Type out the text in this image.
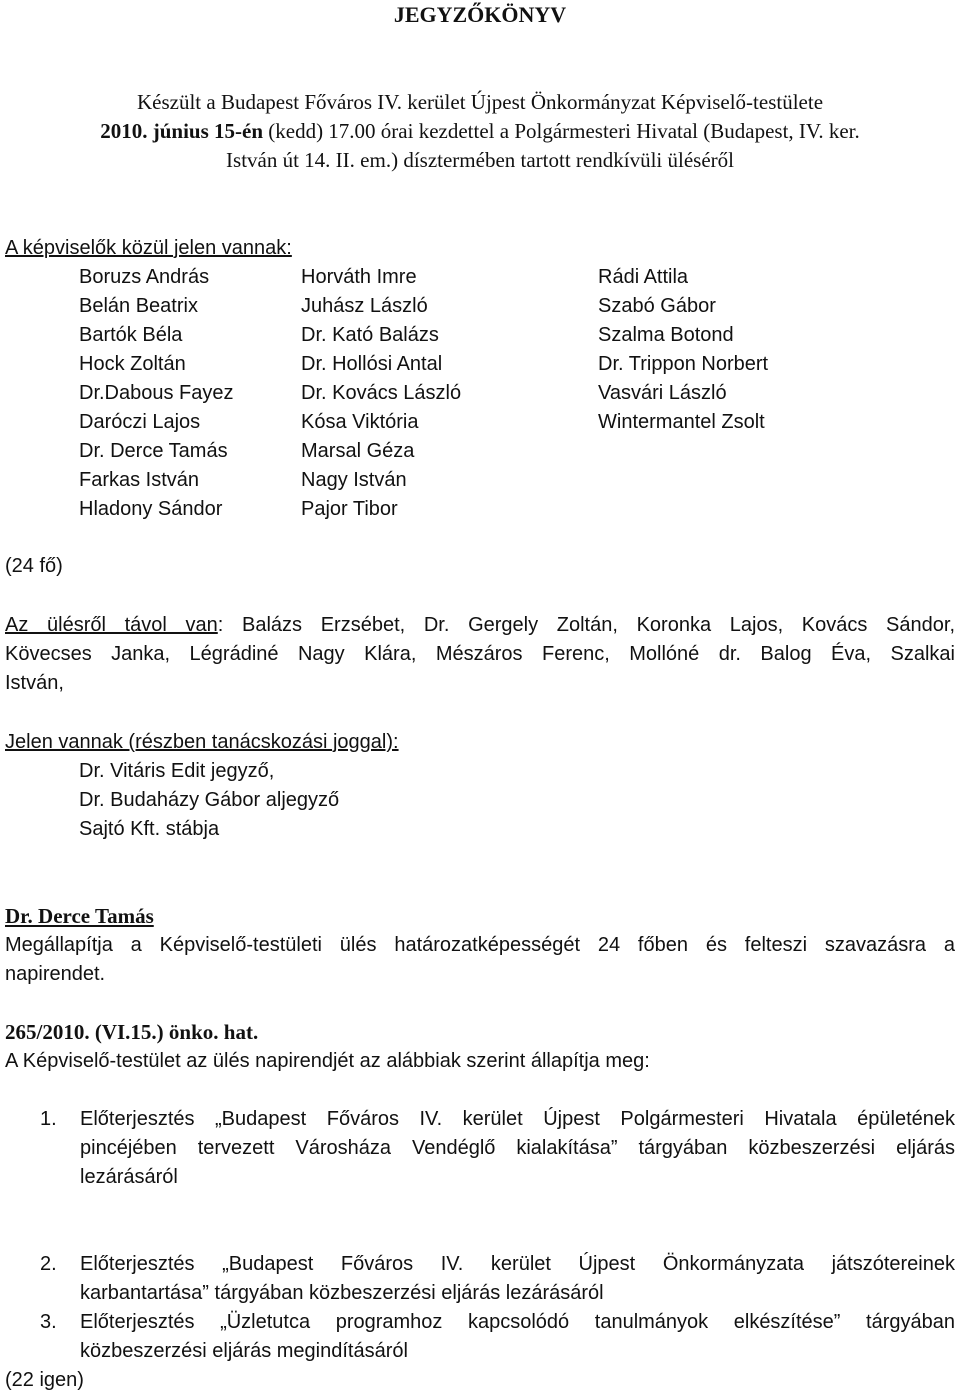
JEGYZŐKÖNYV
Készült a Budapest Főváros IV. kerület Újpest Önkormányzat Képviselő-testülete
2010. június 15-én (kedd) 17.00 órai kezdettel a Polgármesteri Hivatal (Budapest, IV. ker.
István út 14. II. em.) dísztermében tartott rendkívüli üléséről
A képviselők közül jelen vannak:
Boruzs András
Belán Beatrix
Bartók Béla
Hock Zoltán
Dr.Dabous Fayez
Daróczi Lajos
Dr. Derce Tamás
Farkas István
Hladony Sándor
Horváth Imre
Juhász László
Dr. Kató Balázs
Dr. Hollósi Antal
Dr. Kovács László
Kósa Viktória
Marsal Géza
Nagy István
Pajor Tibor
Rádi Attila
Szabó Gábor
Szalma Botond
Dr. Trippon Norbert
Vasvári László
Wintermantel Zsolt
(24 fő)
Az ülésről távol van: Balázs Erzsébet, Dr. Gergely Zoltán, Koronka Lajos, Kovács Sándor,
Kövecses Janka, Légrádiné Nagy Klára, Mészáros Ferenc, Mollóné dr. Balog Éva, Szalkai
István,
Jelen vannak (részben tanácskozási joggal):
Dr. Vitáris Edit jegyző,
Dr. Budaházy Gábor aljegyző
Sajtó Kft. stábja
Dr. Derce Tamás
Megállapítja a Képviselő-testületi ülés határozatképességét 24 főben és felteszi szavazásra a
napirendet.
265/2010. (VI.15.) önko. hat.
A Képviselő-testület az ülés napirendjét az alábbiak szerint állapítja meg:
1. Előterjesztés „Budapest Főváros IV. kerület Újpest Polgármesteri Hivatala épületének
pincéjében tervezett Városháza Vendéglő kialakítása” tárgyában közbeszerzési eljárás
lezárásáról
2. Előterjesztés „Budapest Főváros IV. kerület Újpest Önkormányzata játszótereinek
karbantartása” tárgyában közbeszerzési eljárás lezárásáról
3. Előterjesztés „Üzletutca programhoz kapcsolódó tanulmányok elkészítése” tárgyában
közbeszerzési eljárás megindításáról
(22 igen)
